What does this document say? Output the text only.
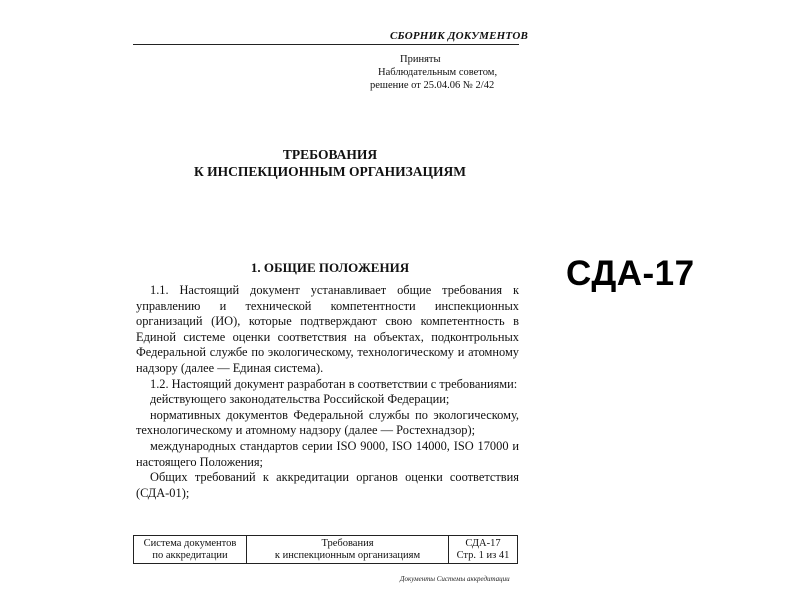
СБОРНИК ДОКУМЕНТОВ
Приняты
Наблюдательным советом,
решение от 25.04.06 № 2/42
ТРЕБОВАНИЯ
К ИНСПЕКЦИОННЫМ ОРГАНИЗАЦИЯМ
1. ОБЩИЕ ПОЛОЖЕНИЯ

1.1. Настоящий документ устанавливает общие требования к управлению и технической компетентности инспекционных организаций (ИО), которые подтверждают свою компетентность в Единой системе оценки соответствия на объектах, подконтрольных Федеральной службе по экологическому, технологическому и атомному надзору (далее — Единая система).

1.2. Настоящий документ разработан в соответствии с требованиями:

действующего законодательства Российской Федерации;

нормативных документов Федеральной службы по экологическому, технологическому и атомному надзору (далее — Ростехнадзор);

международных стандартов серии ISO 9000, ISO 14000, ISO 17000 и настоящего Положения;

Общих требований к аккредитации органов оценки соответствия (СДА-01);

СДА-17
Система документов
по аккредитации
Требования
к инспекционным организациям
СДА-17
Стр. 1 из 41
Документы Системы аккредитации
